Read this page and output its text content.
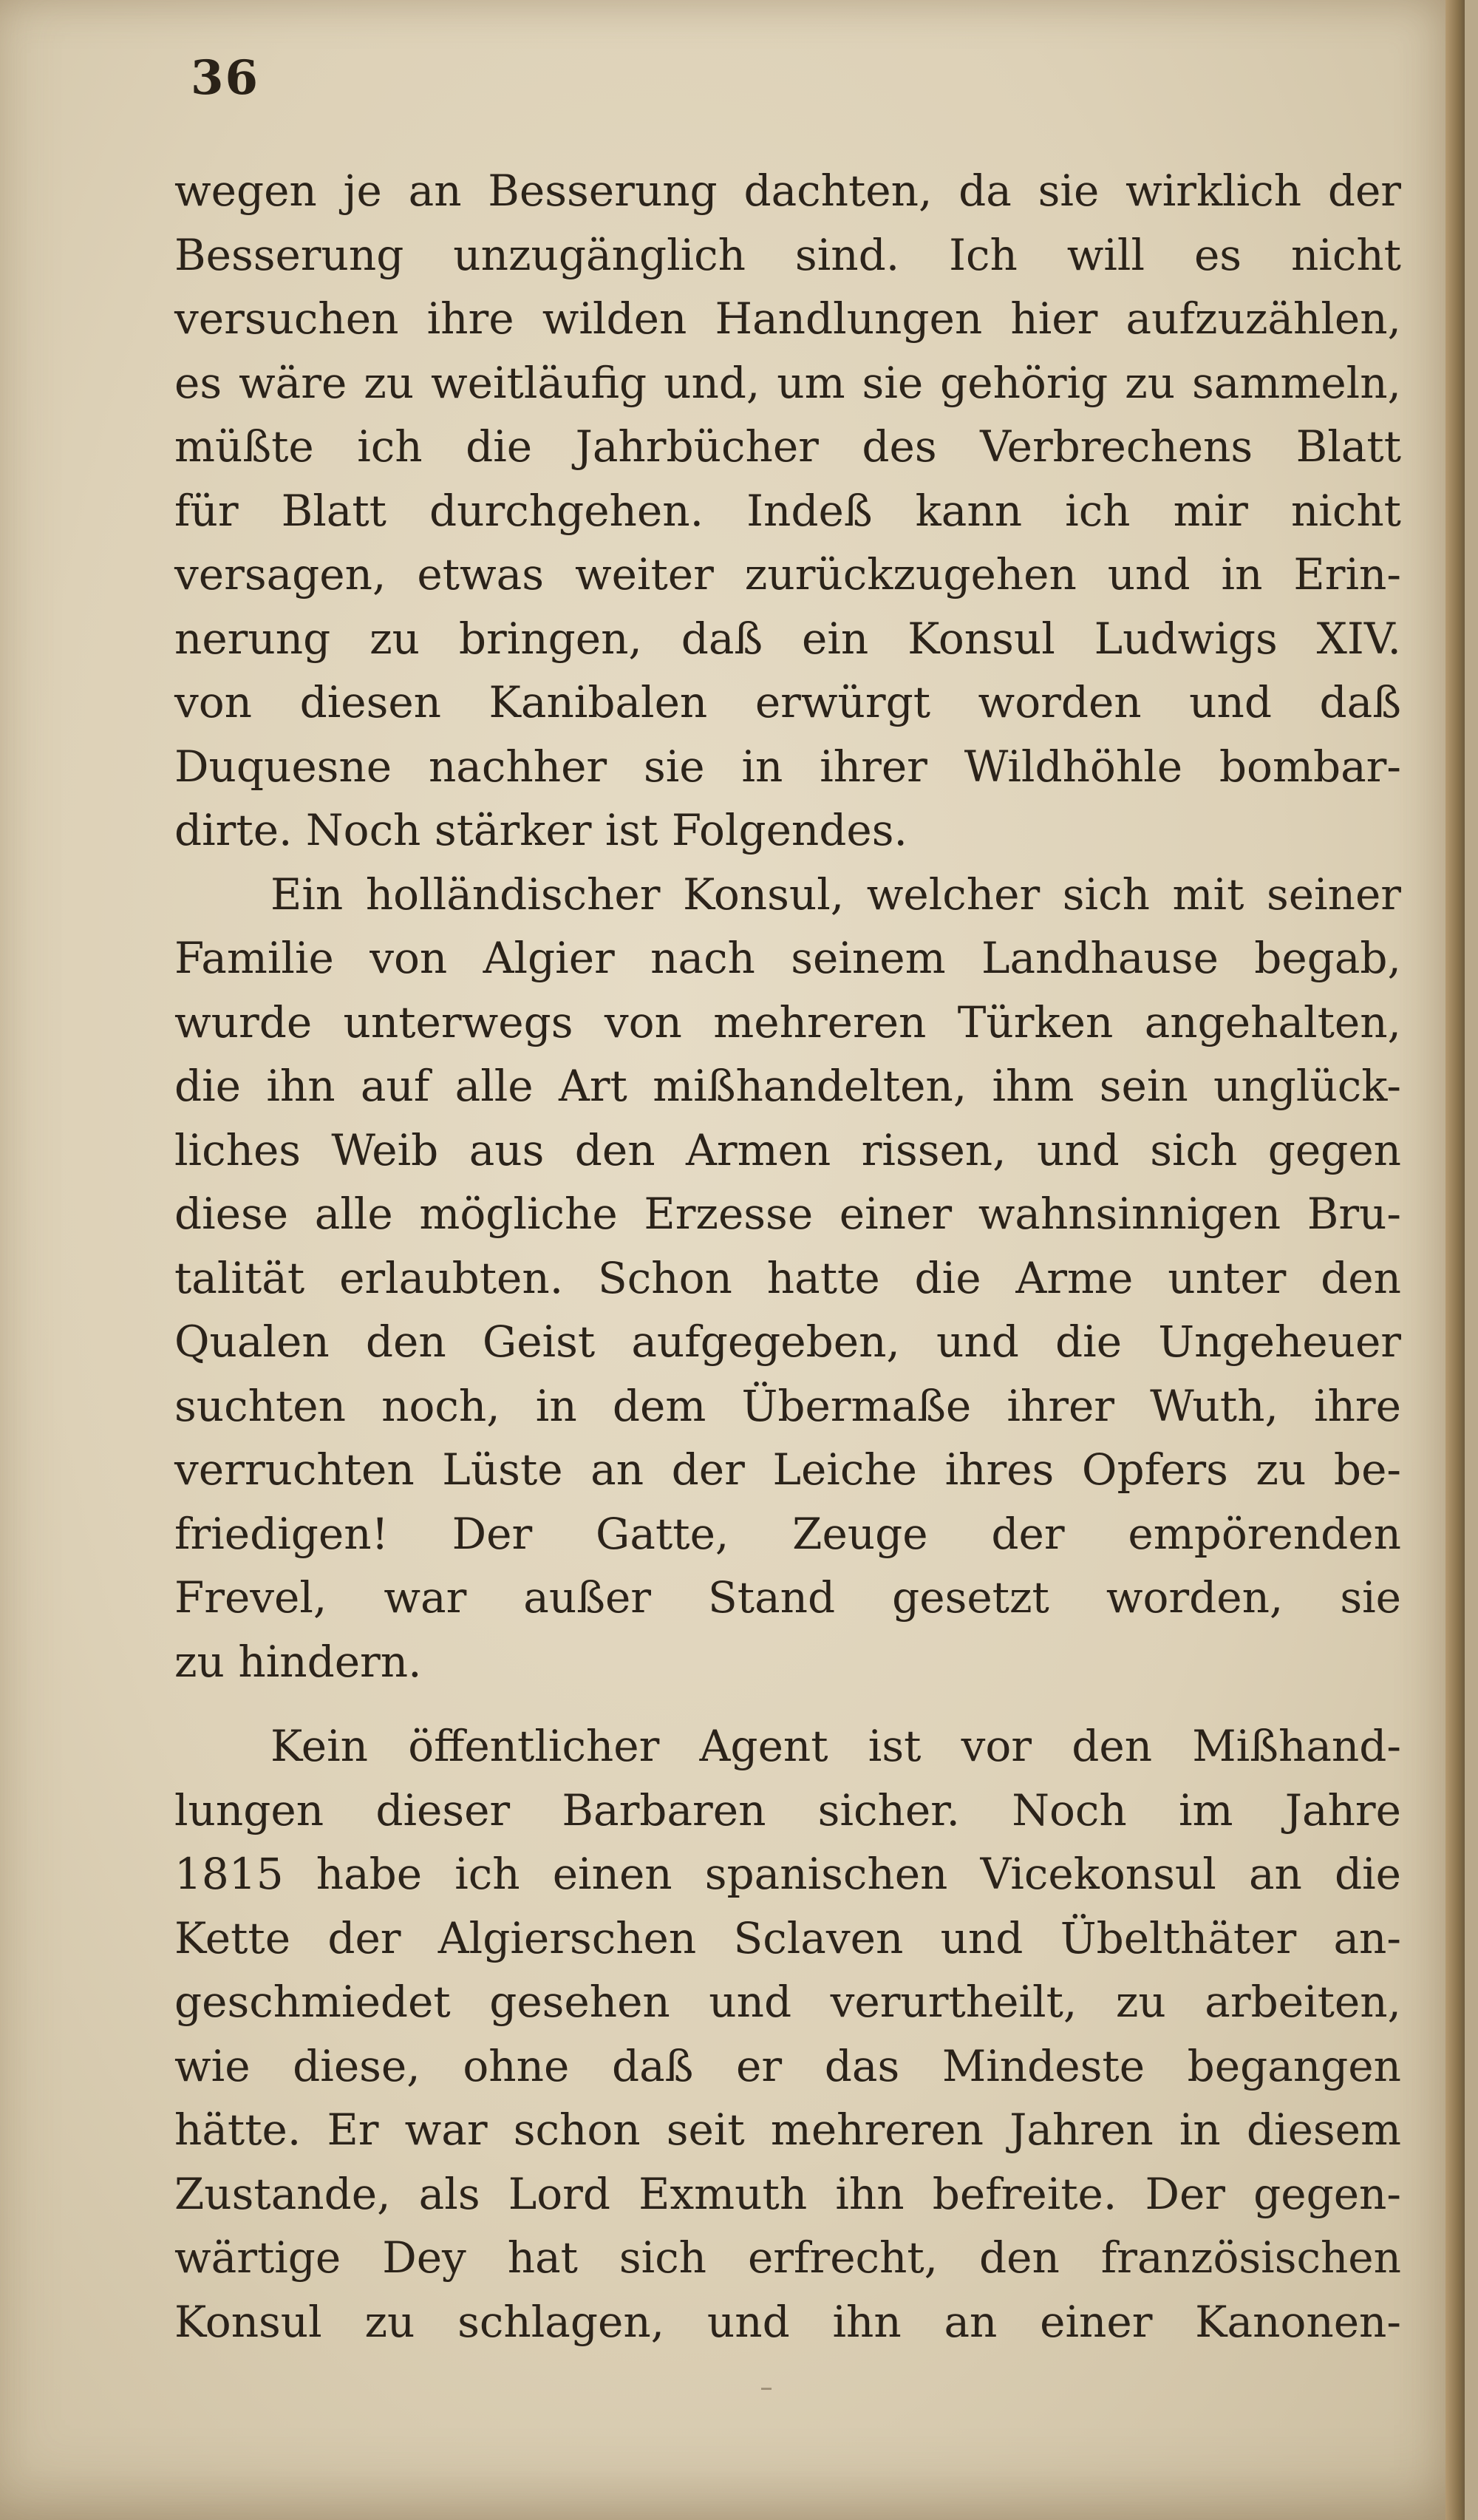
36
wegen je an Besserung dachten, da sie wirklich der
Besserung unzugänglich sind. Ich will es nicht
versuchen ihre wilden Handlungen hier aufzuzählen,
es wäre zu weitläufig und, um sie gehörig zu sammeln,
müßte ich die Jahrbücher des Verbrechens Blatt
für Blatt durchgehen. Indeß kann ich mir nicht
versagen, etwas weiter zurückzugehen und in Erin-
nerung zu bringen, daß ein Konsul Ludwigs XIV.
von diesen Kanibalen erwürgt worden und daß
Duquesne nachher sie in ihrer Wildhöhle bombar-
dirte. Noch stärker ist Folgendes.
Ein holländischer Konsul, welcher sich mit seiner
Familie von Algier nach seinem Landhause begab,
wurde unterwegs von mehreren Türken angehalten,
die ihn auf alle Art mißhandelten, ihm sein unglück-
liches Weib aus den Armen rissen, und sich gegen
diese alle mögliche Erzesse einer wahnsinnigen Bru-
talität erlaubten. Schon hatte die Arme unter den
Qualen den Geist aufgegeben, und die Ungeheuer
suchten noch, in dem Übermaße ihrer Wuth, ihre
verruchten Lüste an der Leiche ihres Opfers zu be-
friedigen! Der Gatte, Zeuge der empörenden
Frevel, war außer Stand gesetzt worden, sie
zu hindern.
Kein öffentlicher Agent ist vor den Mißhand-
lungen dieser Barbaren sicher. Noch im Jahre
1815 habe ich einen spanischen Vicekonsul an die
Kette der Algierschen Sclaven und Übelthäter an-
geschmiedet gesehen und verurtheilt, zu arbeiten,
wie diese, ohne daß er das Mindeste begangen
hätte. Er war schon seit mehreren Jahren in diesem
Zustande, als Lord Exmuth ihn befreite. Der gegen-
wärtige Dey hat sich erfrecht, den französischen
Konsul zu schlagen, und ihn an einer Kanonen-
